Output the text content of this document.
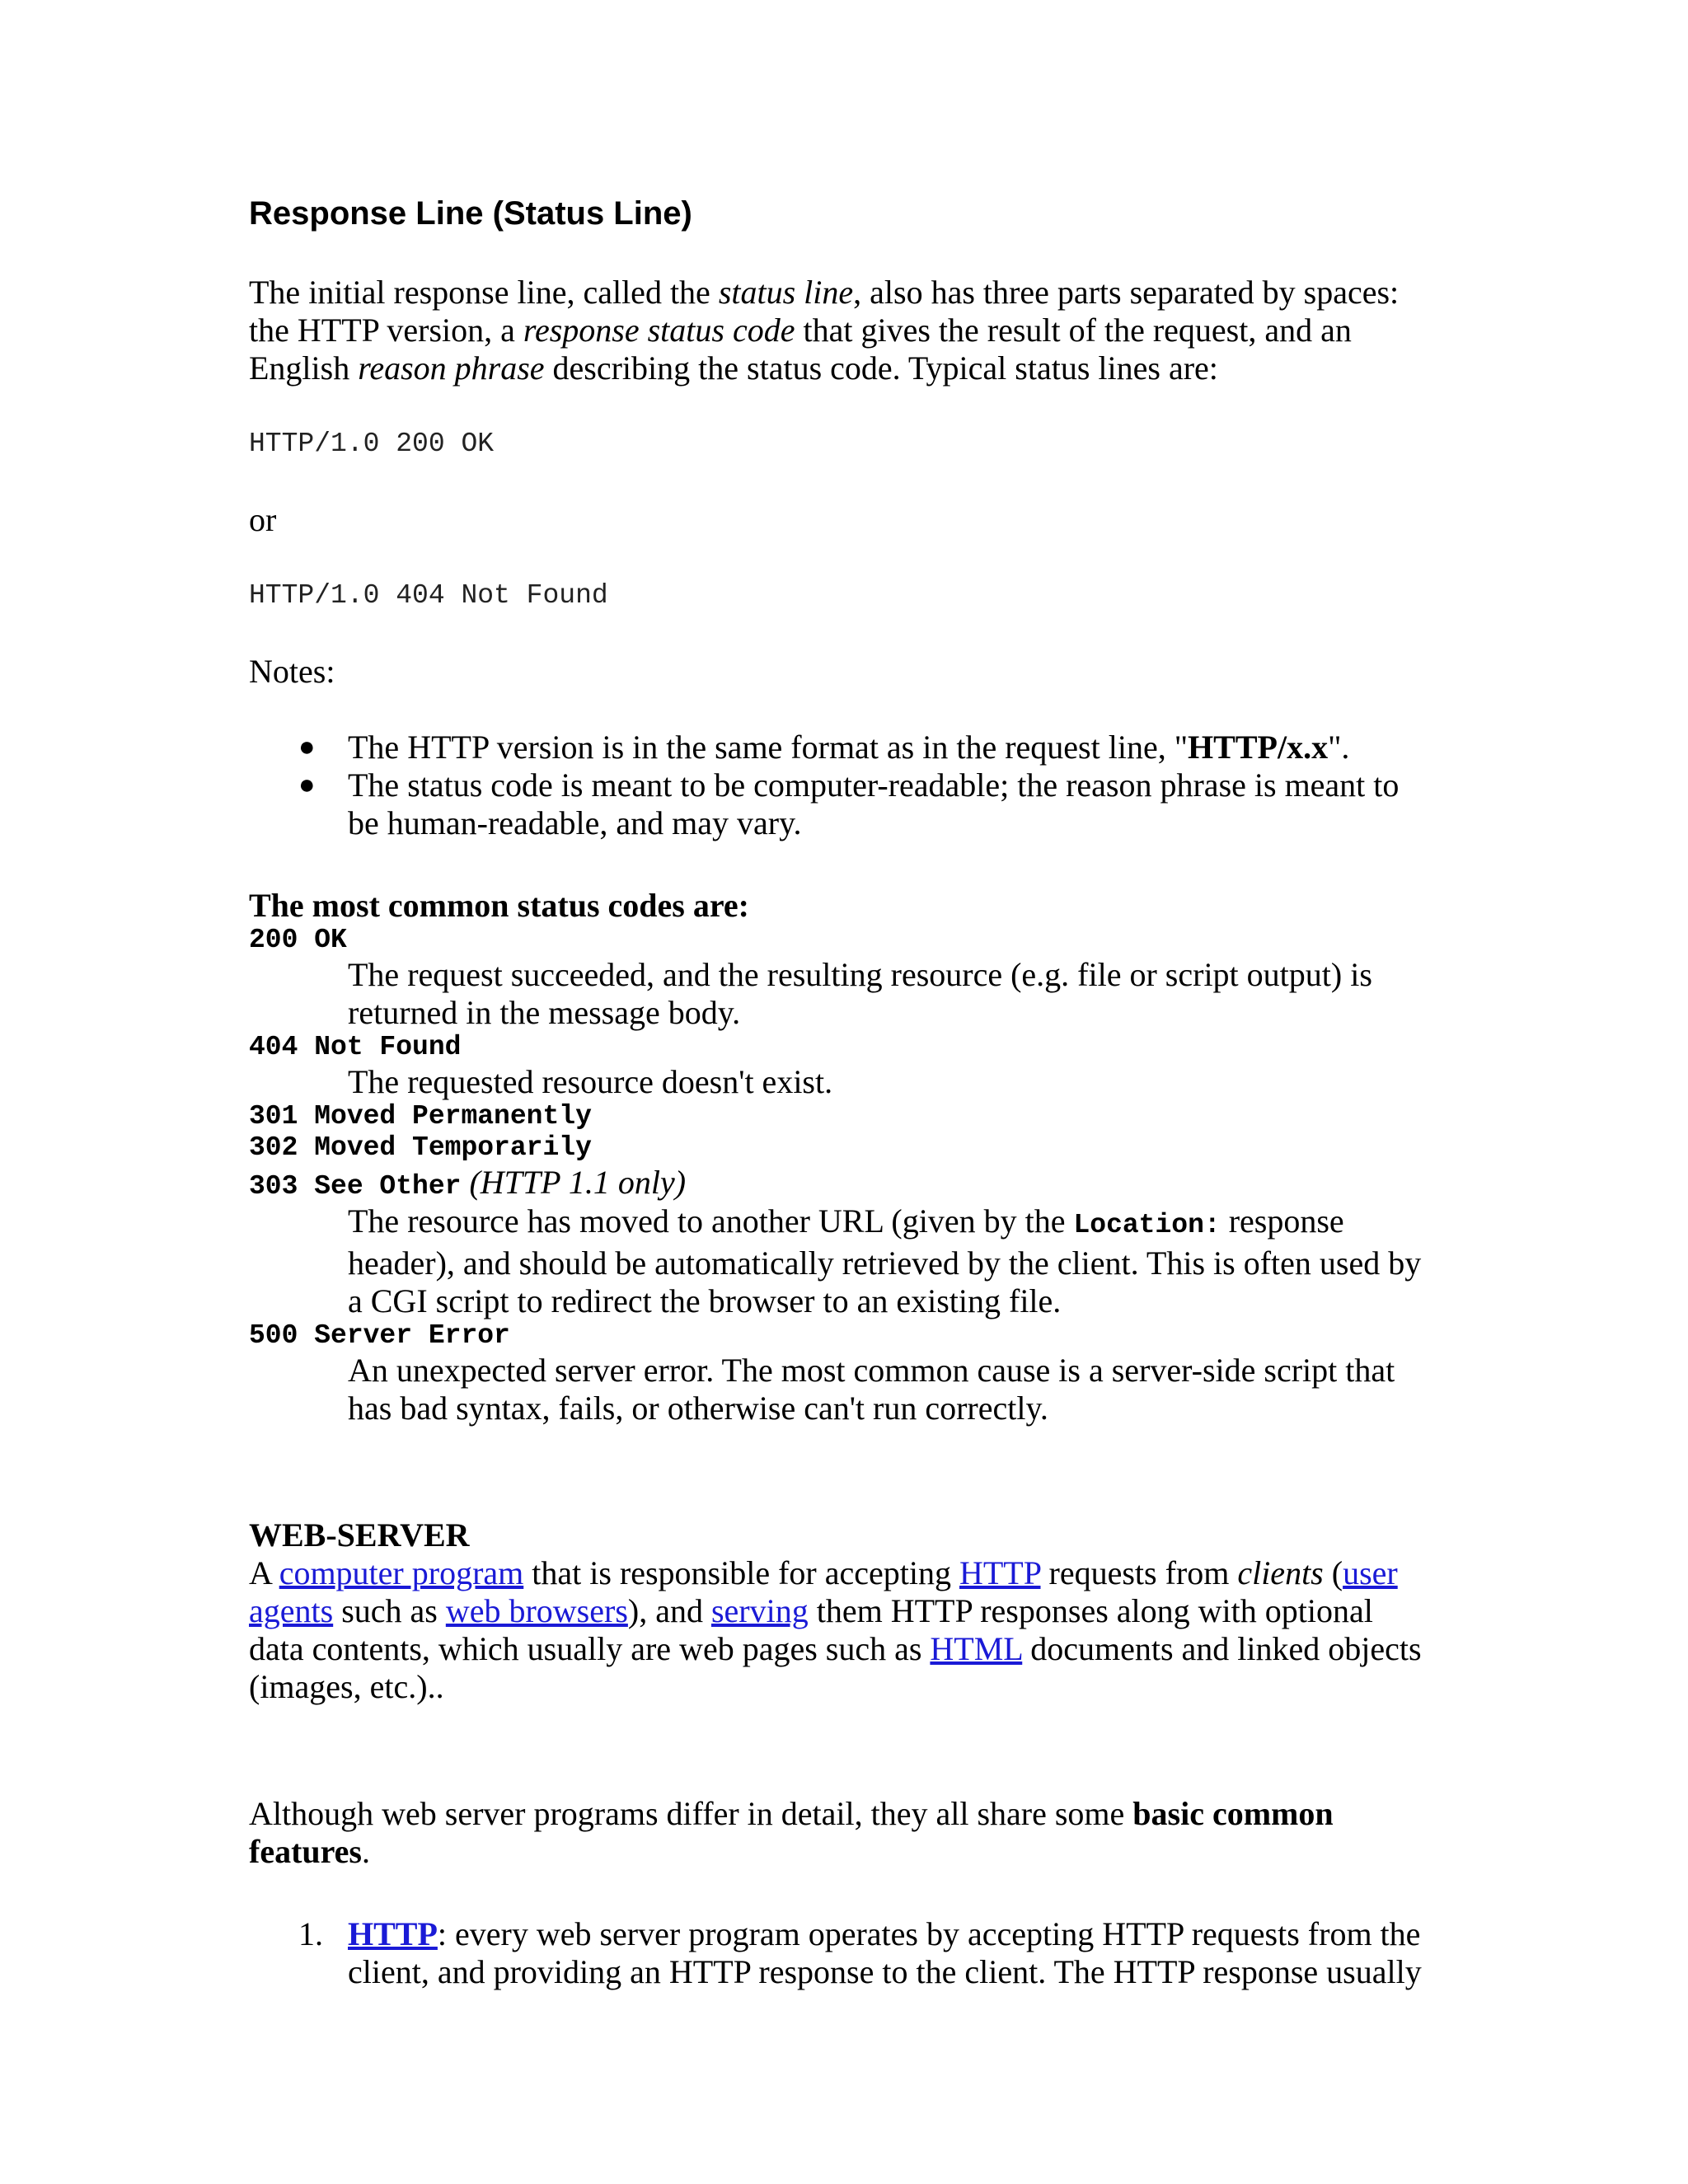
Response Line (Status Line)

The initial response line, called the status line, also has three parts separated by spaces: the HTTP version, a response status code that gives the result of the request, and an English reason phrase describing the status code. Typical status lines are:

HTTP/1.0 200 OK

or

HTTP/1.0 404 Not Found

Notes:

● The HTTP version is in the same format as in the request line, "HTTP/x.x".
● The status code is meant to be computer-readable; the reason phrase is meant to be human-readable, and may vary.

The most common status codes are:

200 OK

The request succeeded, and the resulting resource (e.g. file or script output) is returned in the message body.

404 Not Found

The requested resource doesn't exist.

301 Moved Permanently
302 Moved Temporarily
303 See Other (HTTP 1.1 only)

The resource has moved to another URL (given by the Location: response header), and should be automatically retrieved by the client. This is often used by a CGI script to redirect the browser to an existing file.

500 Server Error

An unexpected server error. The most common cause is a server-side script that has bad syntax, fails, or otherwise can't run correctly.

WEB-SERVER

A computer program that is responsible for accepting HTTP requests from clients (user agents such as web browsers), and serving them HTTP responses along with optional data contents, which usually are web pages such as HTML documents and linked objects (images, etc.)..

Although web server programs differ in detail, they all share some basic common features.

1. HTTP: every web server program operates by accepting HTTP requests from the client, and providing an HTTP response to the client. The HTTP response usually
